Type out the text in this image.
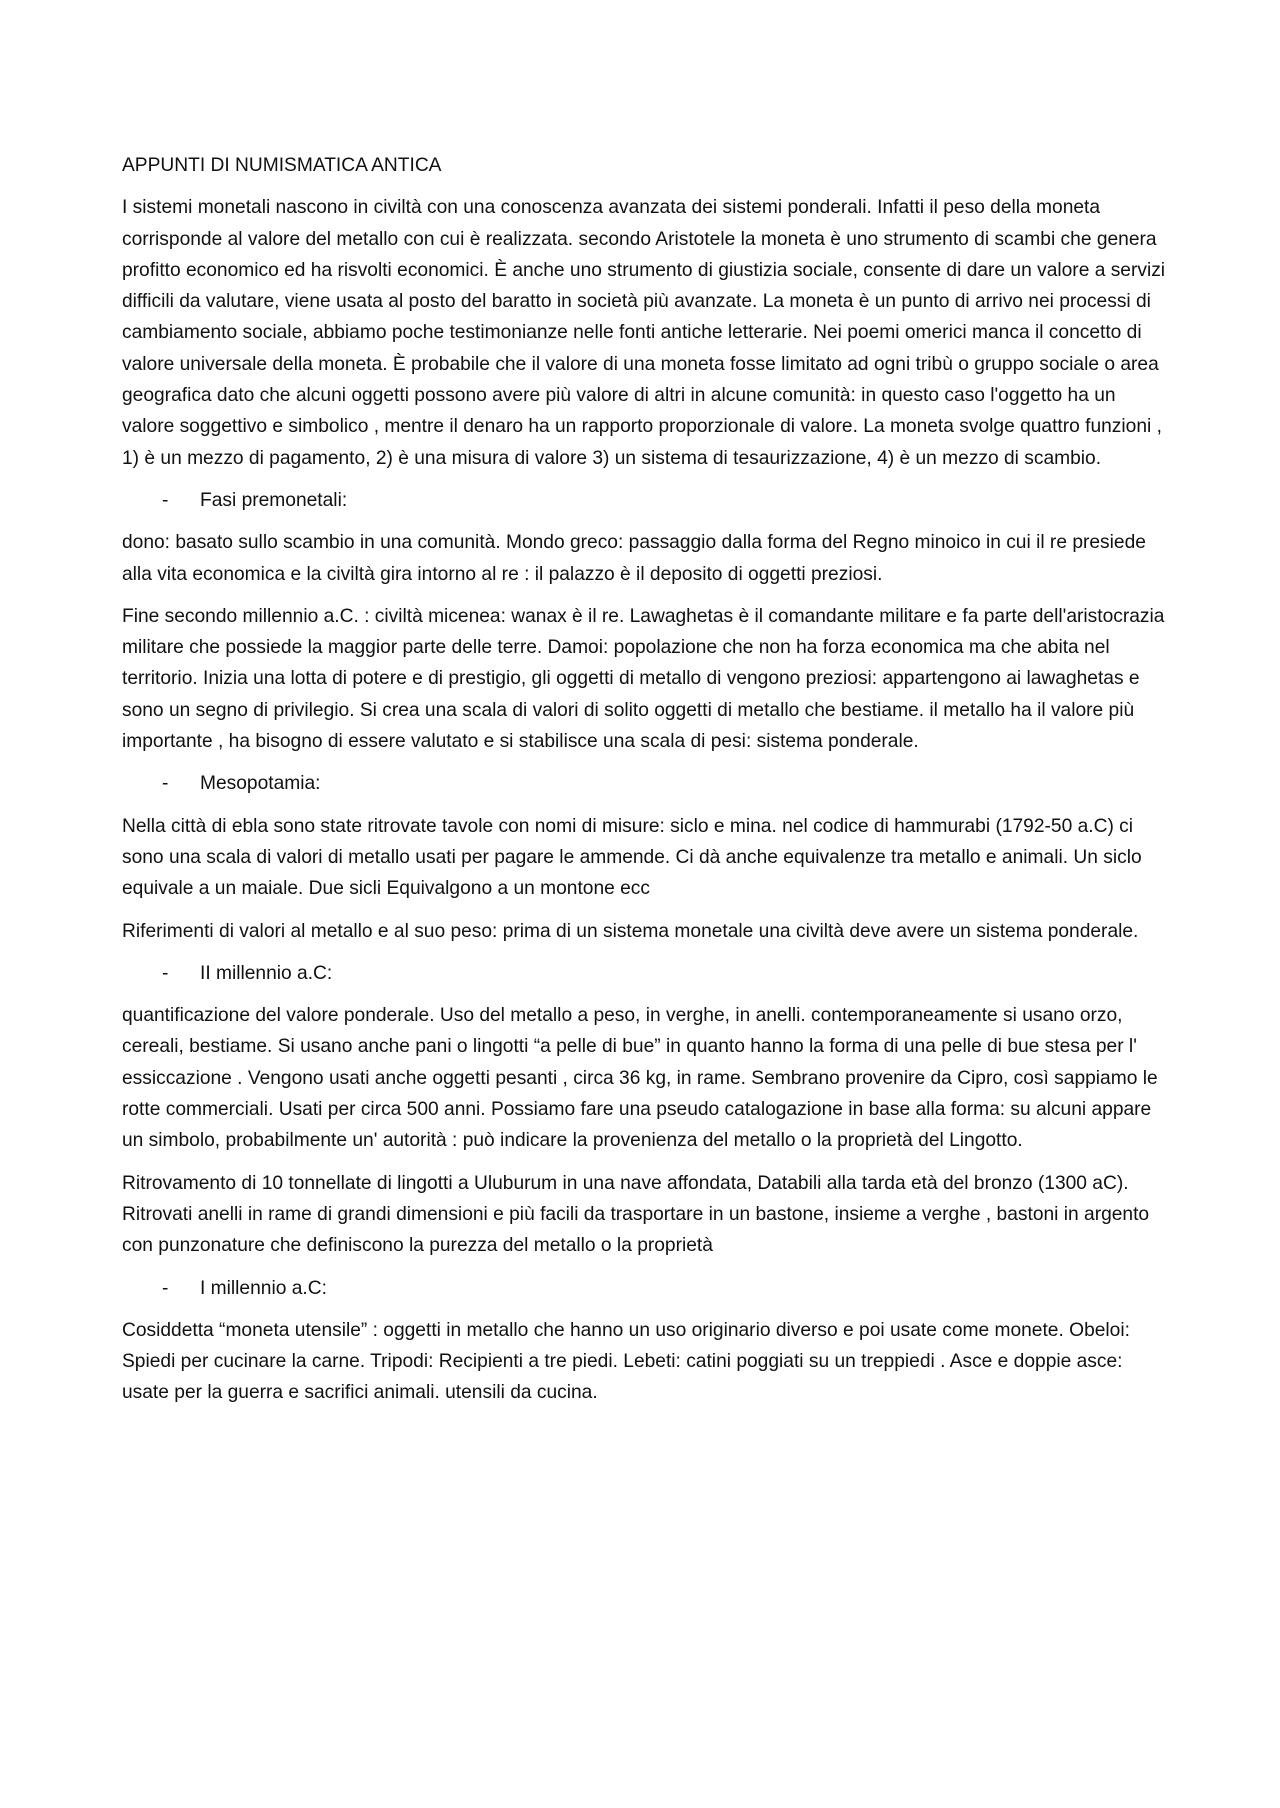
APPUNTI DI NUMISMATICA ANTICA
I sistemi monetali nascono in civiltà con una conoscenza avanzata dei sistemi ponderali. Infatti il peso della moneta corrisponde al valore del metallo con cui è realizzata. secondo Aristotele la moneta è uno strumento di scambi che genera profitto economico ed ha risvolti economici. È anche uno strumento di giustizia sociale, consente di dare un valore a servizi difficili da valutare, viene usata al posto del baratto in società più avanzate. La moneta è un punto di arrivo nei processi di cambiamento sociale, abbiamo poche testimonianze nelle fonti antiche letterarie. Nei poemi omerici manca il concetto di valore universale della moneta. È probabile che il valore di una moneta fosse limitato ad ogni tribù o gruppo sociale o area geografica dato che alcuni oggetti possono avere più valore di altri in alcune comunità: in questo caso l'oggetto ha un valore soggettivo e simbolico , mentre il denaro ha un rapporto proporzionale di valore. La moneta svolge quattro funzioni , 1) è un mezzo di pagamento, 2) è una misura di valore 3) un sistema di tesaurizzazione, 4) è un mezzo di scambio.
-	Fasi premonetali:
dono: basato sullo scambio in una comunità. Mondo greco: passaggio dalla forma del Regno minoico in cui il re presiede alla vita economica e la civiltà gira intorno al re : il palazzo è il deposito di oggetti preziosi.
Fine secondo millennio a.C. : civiltà micenea: wanax è il re. Lawaghetas è il comandante militare e fa parte dell'aristocrazia militare che possiede la maggior parte delle terre. Damoi: popolazione che non ha forza economica ma che abita nel territorio. Inizia una lotta di potere e di prestigio, gli oggetti di metallo di vengono preziosi: appartengono ai lawaghetas e sono un segno di privilegio. Si crea una scala di valori di solito oggetti di metallo che bestiame. il metallo ha il valore più importante , ha bisogno di essere valutato e si stabilisce una scala di pesi: sistema ponderale.
-	Mesopotamia:
Nella città di ebla sono state ritrovate tavole con nomi di misure: siclo e mina. nel codice di hammurabi (1792-50 a.C) ci sono una scala di valori di metallo usati per pagare le ammende. Ci dà anche equivalenze tra metallo e animali. Un siclo equivale a un maiale. Due sicli Equivalgono a un montone ecc
Riferimenti di valori al metallo e al suo peso: prima di un sistema monetale una civiltà deve avere un sistema ponderale.
-	II millennio a.C:
quantificazione del valore ponderale. Uso del metallo a peso, in verghe, in anelli. contemporaneamente si usano orzo, cereali, bestiame. Si usano anche pani o lingotti “a pelle di bue” in quanto hanno la forma di una pelle di bue stesa per l' essiccazione . Vengono usati anche oggetti pesanti , circa 36 kg, in rame. Sembrano provenire da Cipro, così sappiamo le rotte commerciali. Usati per circa 500 anni. Possiamo fare una pseudo catalogazione in base alla forma: su alcuni appare un simbolo, probabilmente un' autorità : può indicare la provenienza del metallo o la proprietà del Lingotto.
Ritrovamento di 10 tonnellate di lingotti a Uluburum in una nave affondata, Databili alla tarda età del bronzo (1300 aC). Ritrovati anelli in rame di grandi dimensioni e più facili da trasportare in un bastone, insieme a verghe , bastoni in argento con punzonature che definiscono la purezza del metallo o la proprietà
-	I millennio a.C:
Cosiddetta “moneta utensile” : oggetti in metallo che hanno un uso originario diverso e poi usate come monete. Obeloi: Spiedi per cucinare la carne. Tripodi: Recipienti a tre piedi. Lebeti: catini poggiati su un treppiedi . Asce e doppie asce: usate per la guerra e sacrifici animali. utensili da cucina.
